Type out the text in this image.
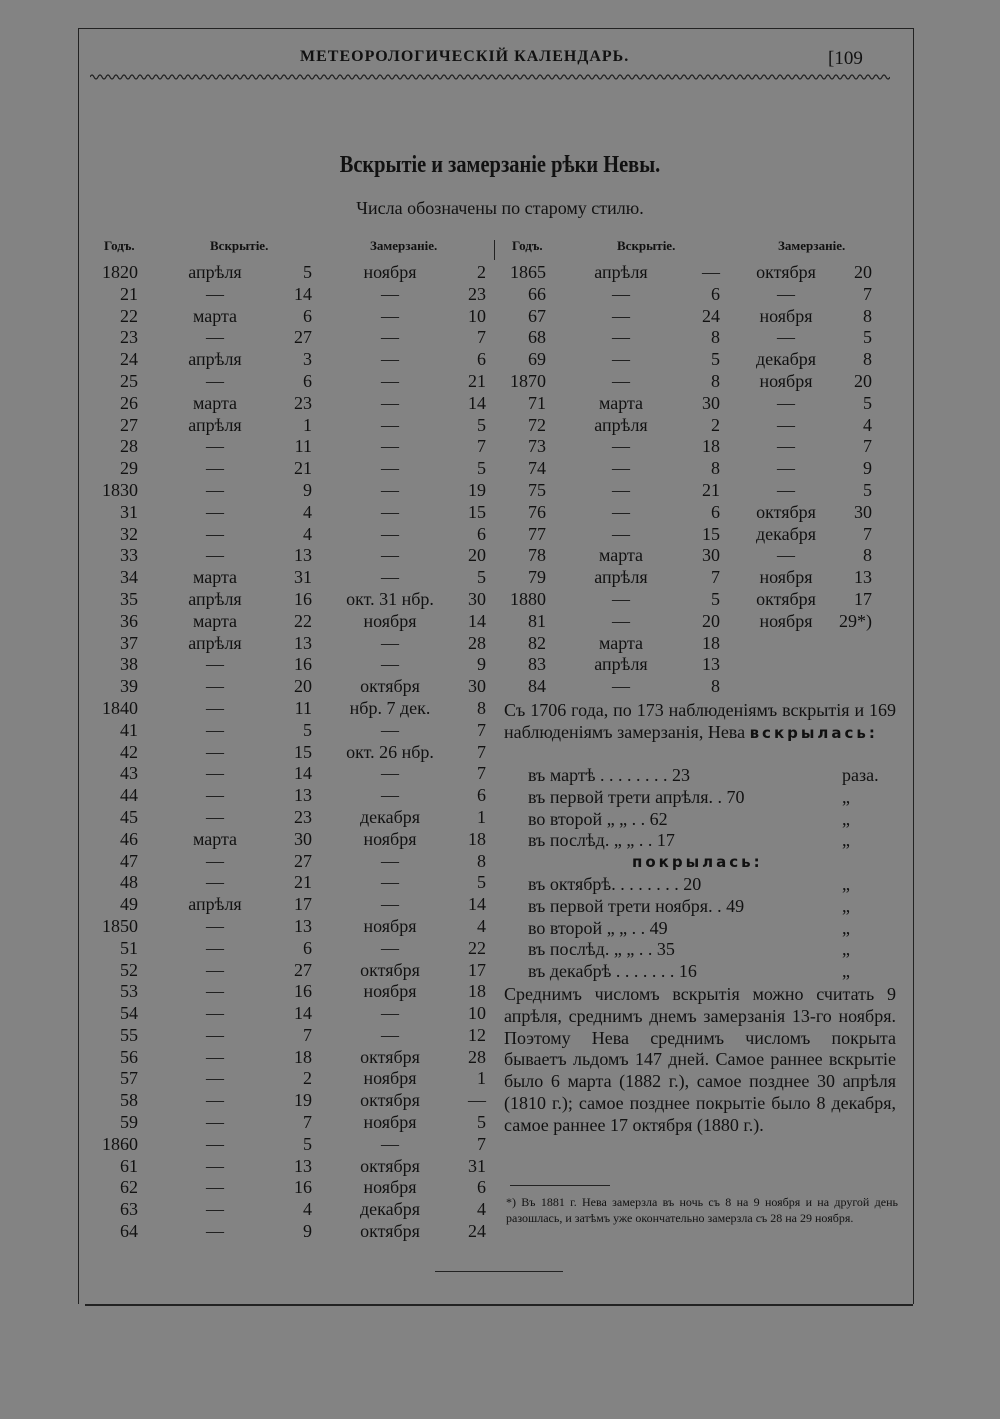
МЕТЕОРОЛОГИЧЕСКІЙ КАЛЕНДАРЬ.	[109
Вскрытіе и замерзаніе рѣки Невы.
Числа обозначены по старому стилю.
Годъ.	Вскрытіе.	Замерзаніе.	Годъ.	Вскрытіе.	Замерзаніе.
1820	апрѣля	5	ноября	2
21	—	14	—	23
22	марта	6	—	10
23	—	27	—	7
24	апрѣля	3	—	6
25	—	6	—	21
26	марта	23	—	14
27	апрѣля	1	—	5
28	—	11	—	7
29	—	21	—	5
1830	—	9	—	19
31	—	4	—	15
32	—	4	—	6
33	—	13	—	20
34	марта	31	—	5
35	апрѣля	16	окт. 31 нбр.	30
36	марта	22	ноября	14
37	апрѣля	13	—	28
38	—	16	—	9
39	—	20	октября	30
1840	—	11	нбр. 7 дек.	8
41	—	5	—	7
42	—	15	окт. 26 нбр.	7
43	—	14	—	7
44	—	13	—	6
45	—	23	декабря	1
46	марта	30	ноября	18
47	—	27	—	8
48	—	21	—	5
49	апрѣля	17	—	14
1850	—	13	ноября	4
51	—	6	—	22
52	—	27	октября	17
53	—	16	ноября	18
54	—	14	—	10
55	—	7	—	12
56	—	18	октября	28
57	—	2	ноября	1
58	—	19	октября	—
59	—	7	ноября	5
1860	—	5	—	7
61	—	13	октября	31
62	—	16	ноября	6
63	—	4	декабря	4
64	—	9	октября	24
1865	апрѣля	—	октября	20
66	—	6	—	7
67	—	24	ноября	8
68	—	8	—	5
69	—	5	декабря	8
1870	—	8	ноября	20
71	марта	30	—	5
72	апрѣля	2	—	4
73	—	18	—	7
74	—	8	—	9
75	—	21	—	5
76	—	6	октября	30
77	—	15	декабря	7
78	марта	30	—	8
79	апрѣля	7	ноября	13
1880	—	5	октября	17
81	—	20	ноября	29*)
82	марта	18
83	апрѣля	13
84	—	8
Съ 1706 года, по 173 наблюденіямъ вскрытія и 169 наблюденіямъ замерзанія, Нева вскрылась:
въ мартѣ . . . . . . . . 23	раза.
въ первой трети апрѣля. . 70	„
во второй „ „ . . 62	„
въ послѣд. „ „ . . 17	„
покрылась:
въ октябрѣ. . . . . . . . 20	„
въ первой трети ноября. . 49	„
во второй „ „ . . 49	„
въ послѣд. „ „ . . 35	„
въ декабрѣ . . . . . . . 16	„
Среднимъ числомъ вскрытія можно считать 9 апрѣля, среднимъ днемъ замерзанія 13-го ноября. Поэтому Нева среднимъ числомъ покрыта бываетъ льдомъ 147 дней. Самое раннее вскрытіе было 6 марта (1882 г.), самое позднее 30 апрѣля (1810 г.); самое позднее покрытіе было 8 декабря, самое раннее 17 октября (1880 г.).
*) Въ 1881 г. Нева замерзла въ ночь съ 8 на 9 ноября и на другой день разошлась, и затѣмъ уже окончательно замерзла съ 28 на 29 ноября.
